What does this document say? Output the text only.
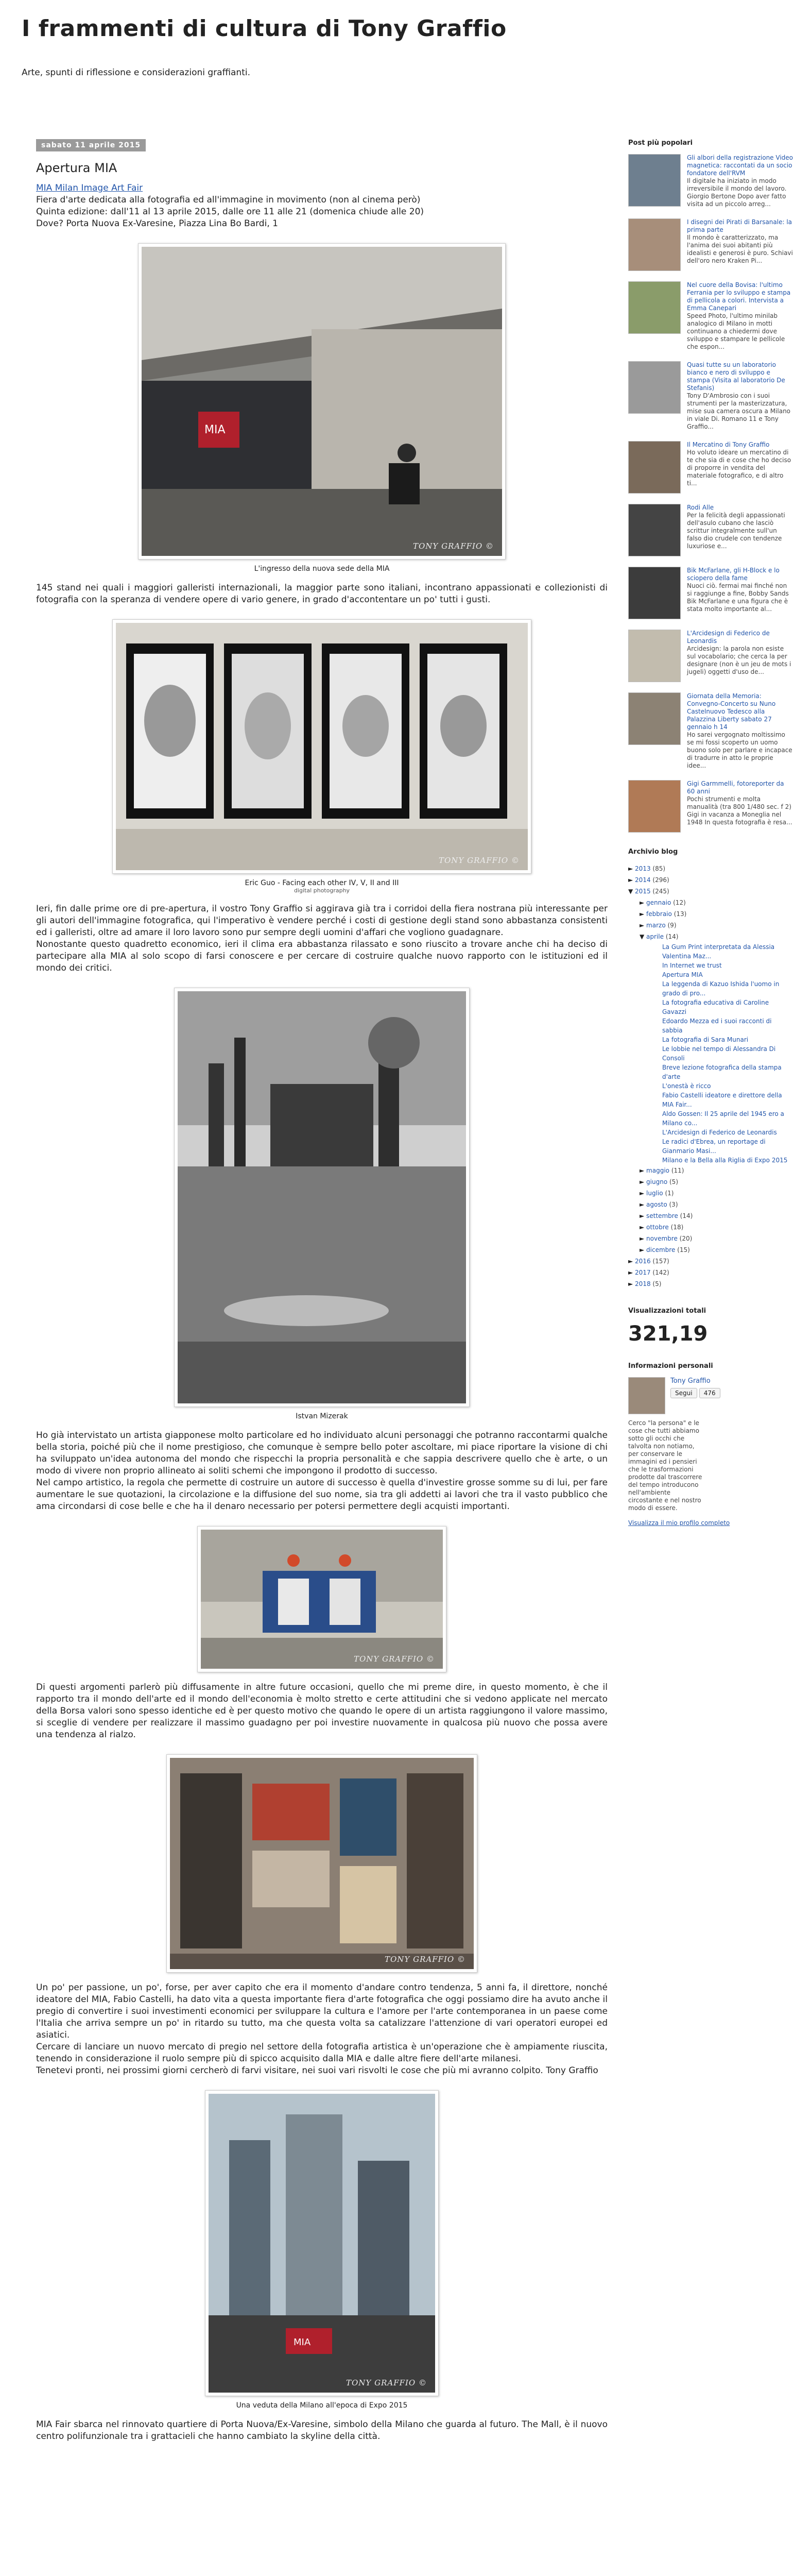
I frammenti di cultura di Tony Graffio
Arte, spunti di riflessione e considerazioni graffianti.
sabato 11 aprile 2015
Apertura MIA

MIA Milan Image Art Fair

Fiera d'arte dedicata alla fotografia ed all'immagine in movimento (non al cinema però)

Quinta edizione: dall'11 al 13 aprile 2015, dalle ore 11 alle 21 (domenica chiude alle 20)

Dove? Porta Nuova Ex-Varesine, Piazza Lina Bo Bardi, 1

MIA
TONY GRAFFIO ©
L'ingresso della nuova sede della MIA

145 stand nei quali i maggiori galleristi internazionali, la maggior parte sono italiani, incontrano appassionati e collezionisti di fotografia con la speranza di vendere opere di vario genere, in grado d'accontentare un po' tutti i gusti.

TONY GRAFFIO ©
Eric Guo - Facing each other IV, V, II and III
digital photography

Ieri, fin dalle prime ore di pre-apertura, il vostro Tony Graffio si aggirava già tra i corridoi della fiera nostrana più interessante per gli autori dell'immagine fotografica, qui l'imperativo è vendere perché i costi di gestione degli stand sono abbastanza consistenti ed i galleristi, oltre ad amare il loro lavoro sono pur sempre degli uomini d'affari che vogliono guadagnare.

Nonostante questo quadretto economico, ieri il clima era abbastanza rilassato e sono riuscito a trovare anche chi ha deciso di partecipare alla MIA al solo scopo di farsi conoscere e per cercare di costruire qualche nuovo rapporto con le istituzioni ed il mondo dei critici.

Istvan Mizerak

Ho già intervistato un artista giapponese molto particolare ed ho individuato alcuni personaggi che potranno raccontarmi qualche bella storia, poiché più che il nome prestigioso, che comunque è sempre bello poter ascoltare, mi piace riportare la visione di chi ha sviluppato un'idea autonoma del mondo che rispecchi la propria personalità e che sappia descrivere quello che è arte, o un modo di vivere non proprio allineato ai soliti schemi che impongono il prodotto di successo.

Nel campo artistico, la regola che permette di costruire un autore di successo è quella d'investire grosse somme su di lui, per fare aumentare le sue quotazioni, la circolazione e la diffusione del suo nome, sia tra gli addetti ai lavori che tra il vasto pubblico che ama circondarsi di cose belle e che ha il denaro necessario per potersi permettere degli acquisti importanti.

TONY GRAFFIO ©

Di questi argomenti parlerò più diffusamente in altre future occasioni, quello che mi preme dire, in questo momento, è che il rapporto tra il mondo dell'arte ed il mondo dell'economia è molto stretto e certe attitudini che si vedono applicate nel mercato della Borsa valori sono spesso identiche ed è per questo motivo che quando le opere di un artista raggiungono il valore massimo, si sceglie di vendere per realizzare il massimo guadagno per poi investire nuovamente in qualcosa più nuovo che possa avere una tendenza al rialzo.

TONY GRAFFIO ©

Un po' per passione, un po', forse, per aver capito che era il momento d'andare contro tendenza, 5 anni fa, il direttore, nonché ideatore del MIA, Fabio Castelli, ha dato vita a questa importante fiera d'arte fotografica che oggi possiamo dire ha avuto anche il pregio di convertire i suoi investimenti economici per sviluppare la cultura e l'amore per l'arte contemporanea in un paese come l'Italia che arriva sempre un po' in ritardo su tutto, ma che questa volta sa catalizzare l'attenzione di vari operatori europei ed asiatici.

Cercare di lanciare un nuovo mercato di pregio nel settore della fotografia artistica è un'operazione che è ampiamente riuscita, tenendo in considerazione il ruolo sempre più di spicco acquisito dalla MIA e dalle altre fiere dell'arte milanesi.

Tenetevi pronti, nei prossimi giorni cercherò di farvi visitare, nei suoi vari risvolti le cose che più mi avranno colpito. Tony Graffio

MIA
TONY GRAFFIO ©
Una veduta della Milano all'epoca di Expo 2015

MIA Fair sbarca nel rinnovato quartiere di Porta Nuova/Ex-Varesine, simbolo della Milano che guarda al futuro. The Mall, è il nuovo centro polifunzionale tra i grattacieli che hanno cambiato la skyline della città.

Post più popolari
Gli albori della registrazione Video magnetica: raccontati da un socio fondatore dell'RVM
Il digitale ha iniziato in modo irreversibile il mondo del lavoro. Giorgio Bertone Dopo aver fatto visita ad un piccolo arreg...
I disegni dei Pirati di Barsanale: la prima parte
Il mondo è caratterizzato, ma l'anima dei suoi abitanti più idealisti e generosi è puro. Schiavi dell'oro nero Kraken Pi...
Nel cuore della Bovisa: l'ultimo Ferrania per lo sviluppo e stampa di pellicola a colori. Intervista a Emma Canepari
Speed Photo, l'ultimo minilab analogico di Milano in motti continuano a chiedermi dove sviluppo e stampare le pellicole che espon...
Quasi tutte su un laboratorio bianco e nero di sviluppo e stampa (Visita al laboratorio De Stefanis)
Tony D'Ambrosio con i suoi strumenti per la masterizzatura, mise sua camera oscura a Milano in viale Di. Romano 11 e Tony Graffio...
Il Mercatino di Tony Graffio
Ho voluto ideare un mercatino di te che sia di e cose che ho deciso di proporre in vendita del materiale fotografico, e di altro ti...
Rodi Alle
Per la felicità degli appassionati dell'asulo cubano che lasciò scrittur integralmente sull'un falso dio crudele con tendenze luxuriose e...
Bik McFarlane, gli H-Block e lo sciopero della fame
Nuoci ciò. fermai mai finché non si raggiunge a fine, Bobby Sands Bik McFarlane e una figura che è stata molto importante al...
L'Arcidesign di Federico de Leonardis
Arcidesign: la parola non esiste sul vocabolario; che cerca la per designare (non è un jeu de mots i jugeli) oggetti d'uso de...
Giornata della Memoria: Convegno-Concerto su Nuno Castelnuovo Tedesco alla Palazzina Liberty sabato 27 gennaio h 14
Ho sarei vergognato moltissimo se mi fossi scoperto un uomo buono solo per parlare e incapace di tradurre in atto le proprie idee...
Gigi Garmmelli, fotoreporter da 60 anni
Pochi strumenti e molta manualità (tra 800 1/480 sec. f 2) Gigi in vacanza a Moneglia nel 1948 In questa fotografia è resa...
Archivio blog
► 2013 (85)
► 2014 (296)
▼ 2015 (245)
► gennaio (12)
► febbraio (13)
► marzo (9)
▼ aprile (14)
La Gum Print interpretata da Alessia Valentina Maz...
In Internet we trust
Apertura MIA
La leggenda di Kazuo Ishida l'uomo in grado di pro...
La fotografia educativa di Caroline Gavazzi
Edoardo Mezza ed i suoi racconti di sabbia
La fotografia di Sara Munari
Le lobbie nel tempo di Alessandra Di Consoli
Breve lezione fotografica della stampa d'arte
L'onestà è ricco
Fabio Castelli ideatore e direttore della MIA Fair...
Aldo Gossen: Il 25 aprile del 1945 ero a Milano co...
L'Arcidesign di Federico de Leonardis
Le radici d'Ebrea, un reportage di Gianmario Masi...
Milano e la Bella alla Riglia di Expo 2015
► maggio (11)
► giugno (5)
► luglio (1)
► agosto (3)
► settembre (14)
► ottobre (18)
► novembre (20)
► dicembre (15)
► 2016 (157)
► 2017 (142)
► 2018 (5)
Visualizzazioni totali
321,19
Informazioni personali
Tony Graffio
Segui 476
Cerco "la persona" e le cose che tutti abbiamo sotto gli occhi che talvolta non notiamo, per conservare le immagini ed i pensieri che le trasformazioni prodotte dal trascorrere del tempo introducono nell'ambiente circostante e nel nostro modo di essere.
Visualizza il mio profilo completo
